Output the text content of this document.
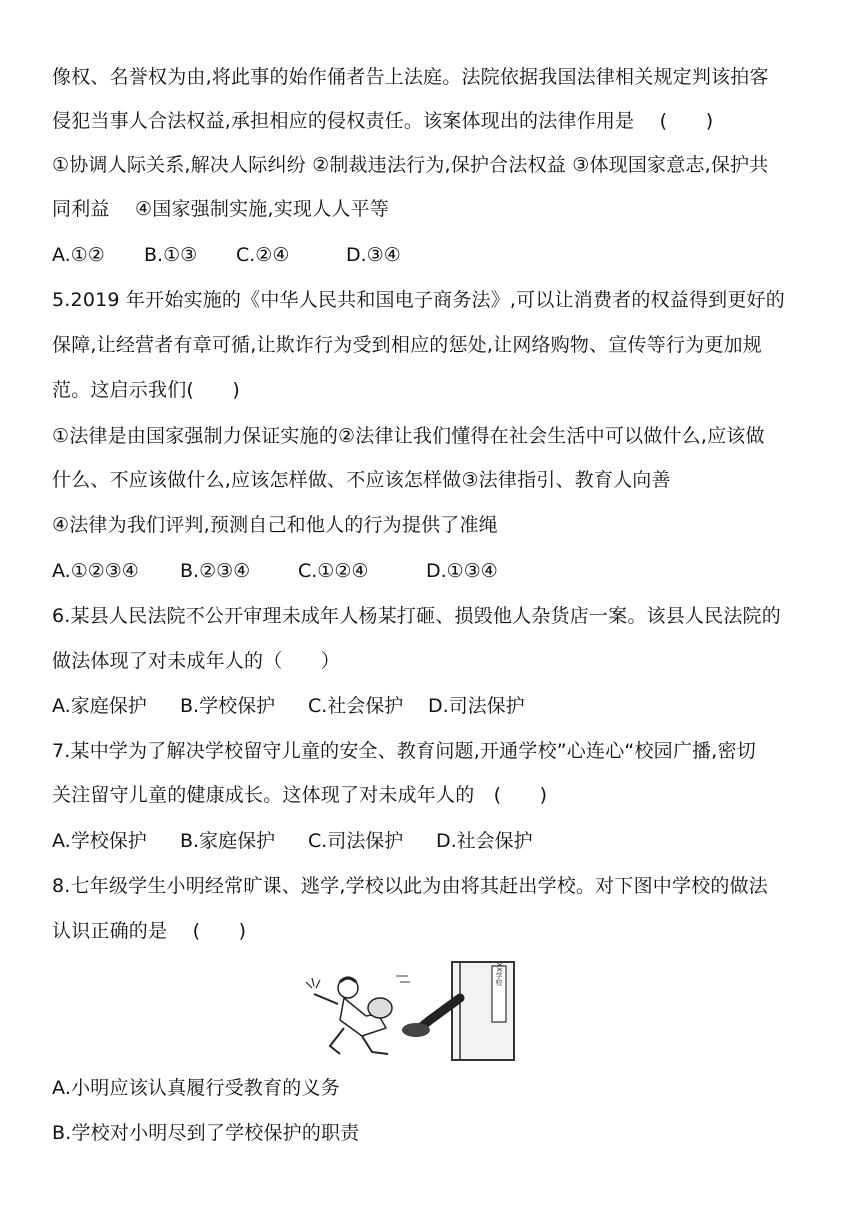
像权、名誉权为由,将此事的始作俑者告上法庭。法院依据我国法律相关规定判该拍客
侵犯当事人合法权益,承担相应的侵权责任。该案体现出的法律作用是　 (　　)
①协调人际关系,解决人际纠纷 ②制裁违法行为,保护合法权益 ③体现国家意志,保护共
同利益　 ④国家强制实施,实现人人平等
A.①② B.①③ C.②④	D.③④
5.2019 年开始实施的《中华人民共和国电子商务法》,可以让消费者的权益得到更好的
保障,让经营者有章可循,让欺诈行为受到相应的惩处,让网络购物、宣传等行为更加规
范。这启示我们(　　)
①法律是由国家强制力保证实施的②法律让我们懂得在社会生活中可以做什么,应该做
什么、不应该做什么,应该怎样做、不应该怎样做③法律指引、教育人向善
④法律为我们评判,预测自己和他人的行为提供了准绳
A.①②③④ B.②③④	C.①②④	D.①③④
6.某县人民法院不公开审理未成年人杨某打砸、损毁他人杂货店一案。该县人民法院的
做法体现了对未成年人的（　　）
A.家庭保护 B.学校保护 C.社会保护 D.司法保护
7.某中学为了解决学校留守儿童的安全、教育问题,开通学校”心连心“校园广播,密切
关注留守儿童的健康成长。这体现了对未成年人的　(　　)
A.学校保护 B.家庭保护 C.司法保护 D.社会保护
8.七年级学生小明经常旷课、逃学,学校以此为由将其赶出学校。对下图中学校的做法
认识正确的是　 (　　)
XX学校
A.小明应该认真履行受教育的义务
B.学校对小明尽到了学校保护的职责
